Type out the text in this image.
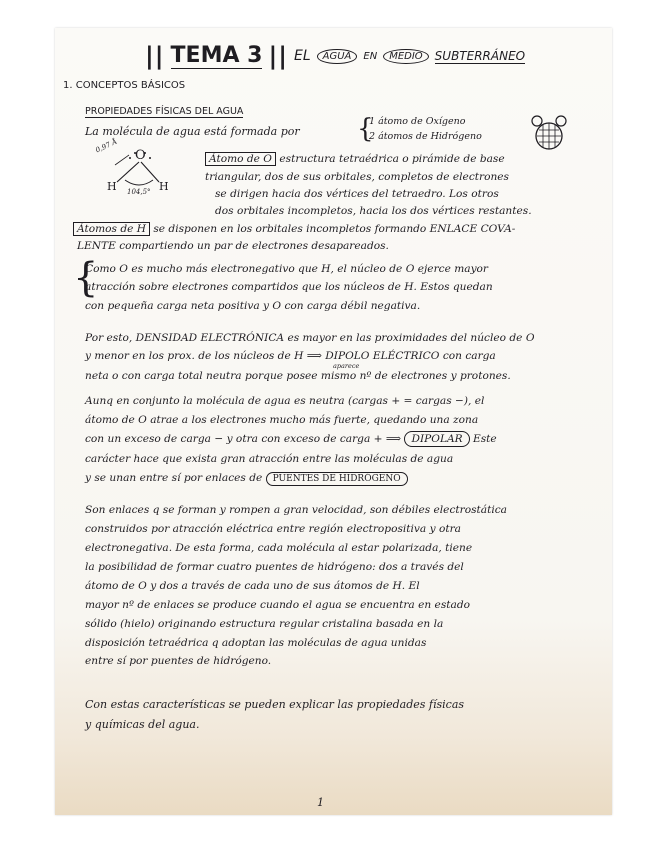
|| TEMA 3 || EL	AGUA	EN	MEDIO	SUBTERRÁNEO
1. CONCEPTOS BÁSICOS
PROPIEDADES FÍSICAS DEL AGUA
La molécula de agua está formada por
1 átomo de Oxígeno
2 átomos de Hidrógeno
{
O
H	H
0,97 Å
104,5°
Átomo de O estructura tetraédrica o pirámide de base
triangular, dos de sus orbitales, completos de electrones
se dirigen hacia dos vértices del tetraedro. Los otros
dos orbitales incompletos, hacia los dos vértices restantes.
Átomos de H se disponen en los orbitales incompletos formando ENLACE COVA-
LENTE compartiendo un par de electrones desapareados.
{
Como O es mucho más electronegativo que H, el núcleo de O ejerce mayor
atracción sobre electrones compartidos que los núcleos de H. Estos quedan
con pequeña carga neta positiva y O con carga débil negativa.
Por esto, DENSIDAD ELECTRÓNICA es mayor en las proximidades del núcleo de O
y menor en los prox. de los núcleos de H ⟹ DIPOLO ELÉCTRICO con carga
aparece
neta o con carga total neutra porque posee mismo nº de electrones y protones.
Aunq en conjunto la molécula de agua es neutra (cargas + = cargas −), el
átomo de O atrae a los electrones mucho más fuerte, quedando una zona
con un exceso de carga − y otra con exceso de carga + ⟹ DIPOLAR Este
carácter hace que exista gran atracción entre las moléculas de agua
y se unan entre sí por enlaces de PUENTES DE HIDRÓGENO
Son enlaces q se forman y rompen a gran velocidad, son débiles electrostática
construidos por atracción eléctrica entre región electropositiva y otra
electronegativa. De esta forma, cada molécula al estar polarizada, tiene
la posibilidad de formar cuatro puentes de hidrógeno: dos a través del
átomo de O y dos a través de cada uno de sus átomos de H. El
mayor nº de enlaces se produce cuando el agua se encuentra en estado
sólido (hielo) originando estructura regular cristalina basada en la
disposición tetraédrica q adoptan las moléculas de agua unidas
entre sí por puentes de hidrógeno.
Con estas características se pueden explicar las propiedades físicas
y químicas del agua.
1
